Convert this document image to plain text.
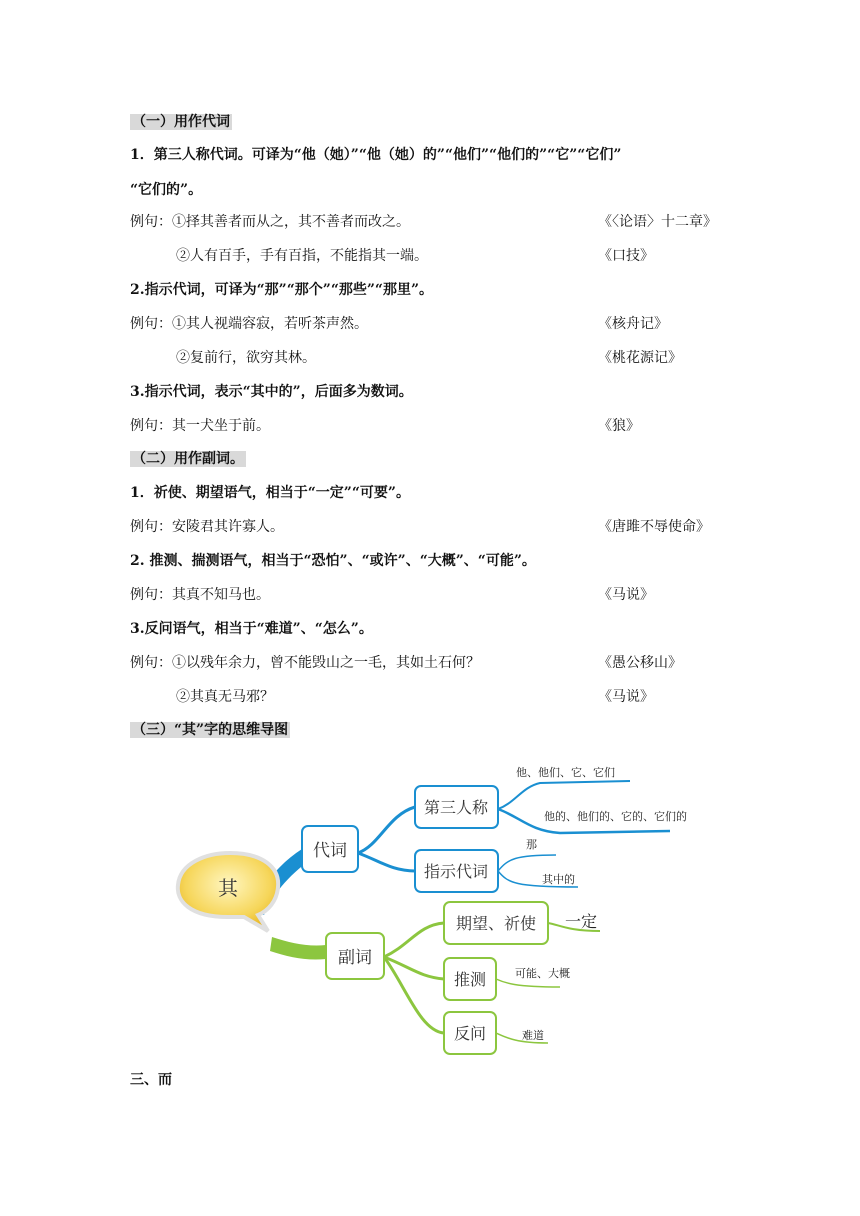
（一）用作代词
1．第三人称代词。可译为“他（她）”“他（她）的”“他们”“他们的”“它”“它们”
“它们的”。
例句：①择其善者而从之，其不善者而改之。	《〈论语〉十二章》
②人有百手，手有百指，不能指其一端。	《口技》
2.指示代词，可译为“那”“那个”“那些”“那里”。
例句：①其人视端容寂，若听茶声然。	《核舟记》
②复前行，欲穷其林。	《桃花源记》
3.指示代词，表示“其中的”，后面多为数词。
例句：其一犬坐于前。	《狼》
（二）用作副词。
1．祈使、期望语气，相当于“一定”“可要”。
例句：安陵君其许寡人。	《唐雎不辱使命》
2. 推测、揣测语气，相当于“恐怕”、“或许”、“大概”、“可能”。
例句：其真不知马也。	《马说》
3.反问语气，相当于“难道”、“怎么”。
例句：①以残年余力，曾不能毁山之一毛，其如土石何？	《愚公移山》
②其真无马邪？	《马说》
（三）“其”字的思维导图
其
代词
第三人称
指示代词
副词
期望、祈使
推测
反问
他、他们、它、它们
他的、他们的、它的、它们的
那
其中的
一定
可能、大概
难道
三、而
